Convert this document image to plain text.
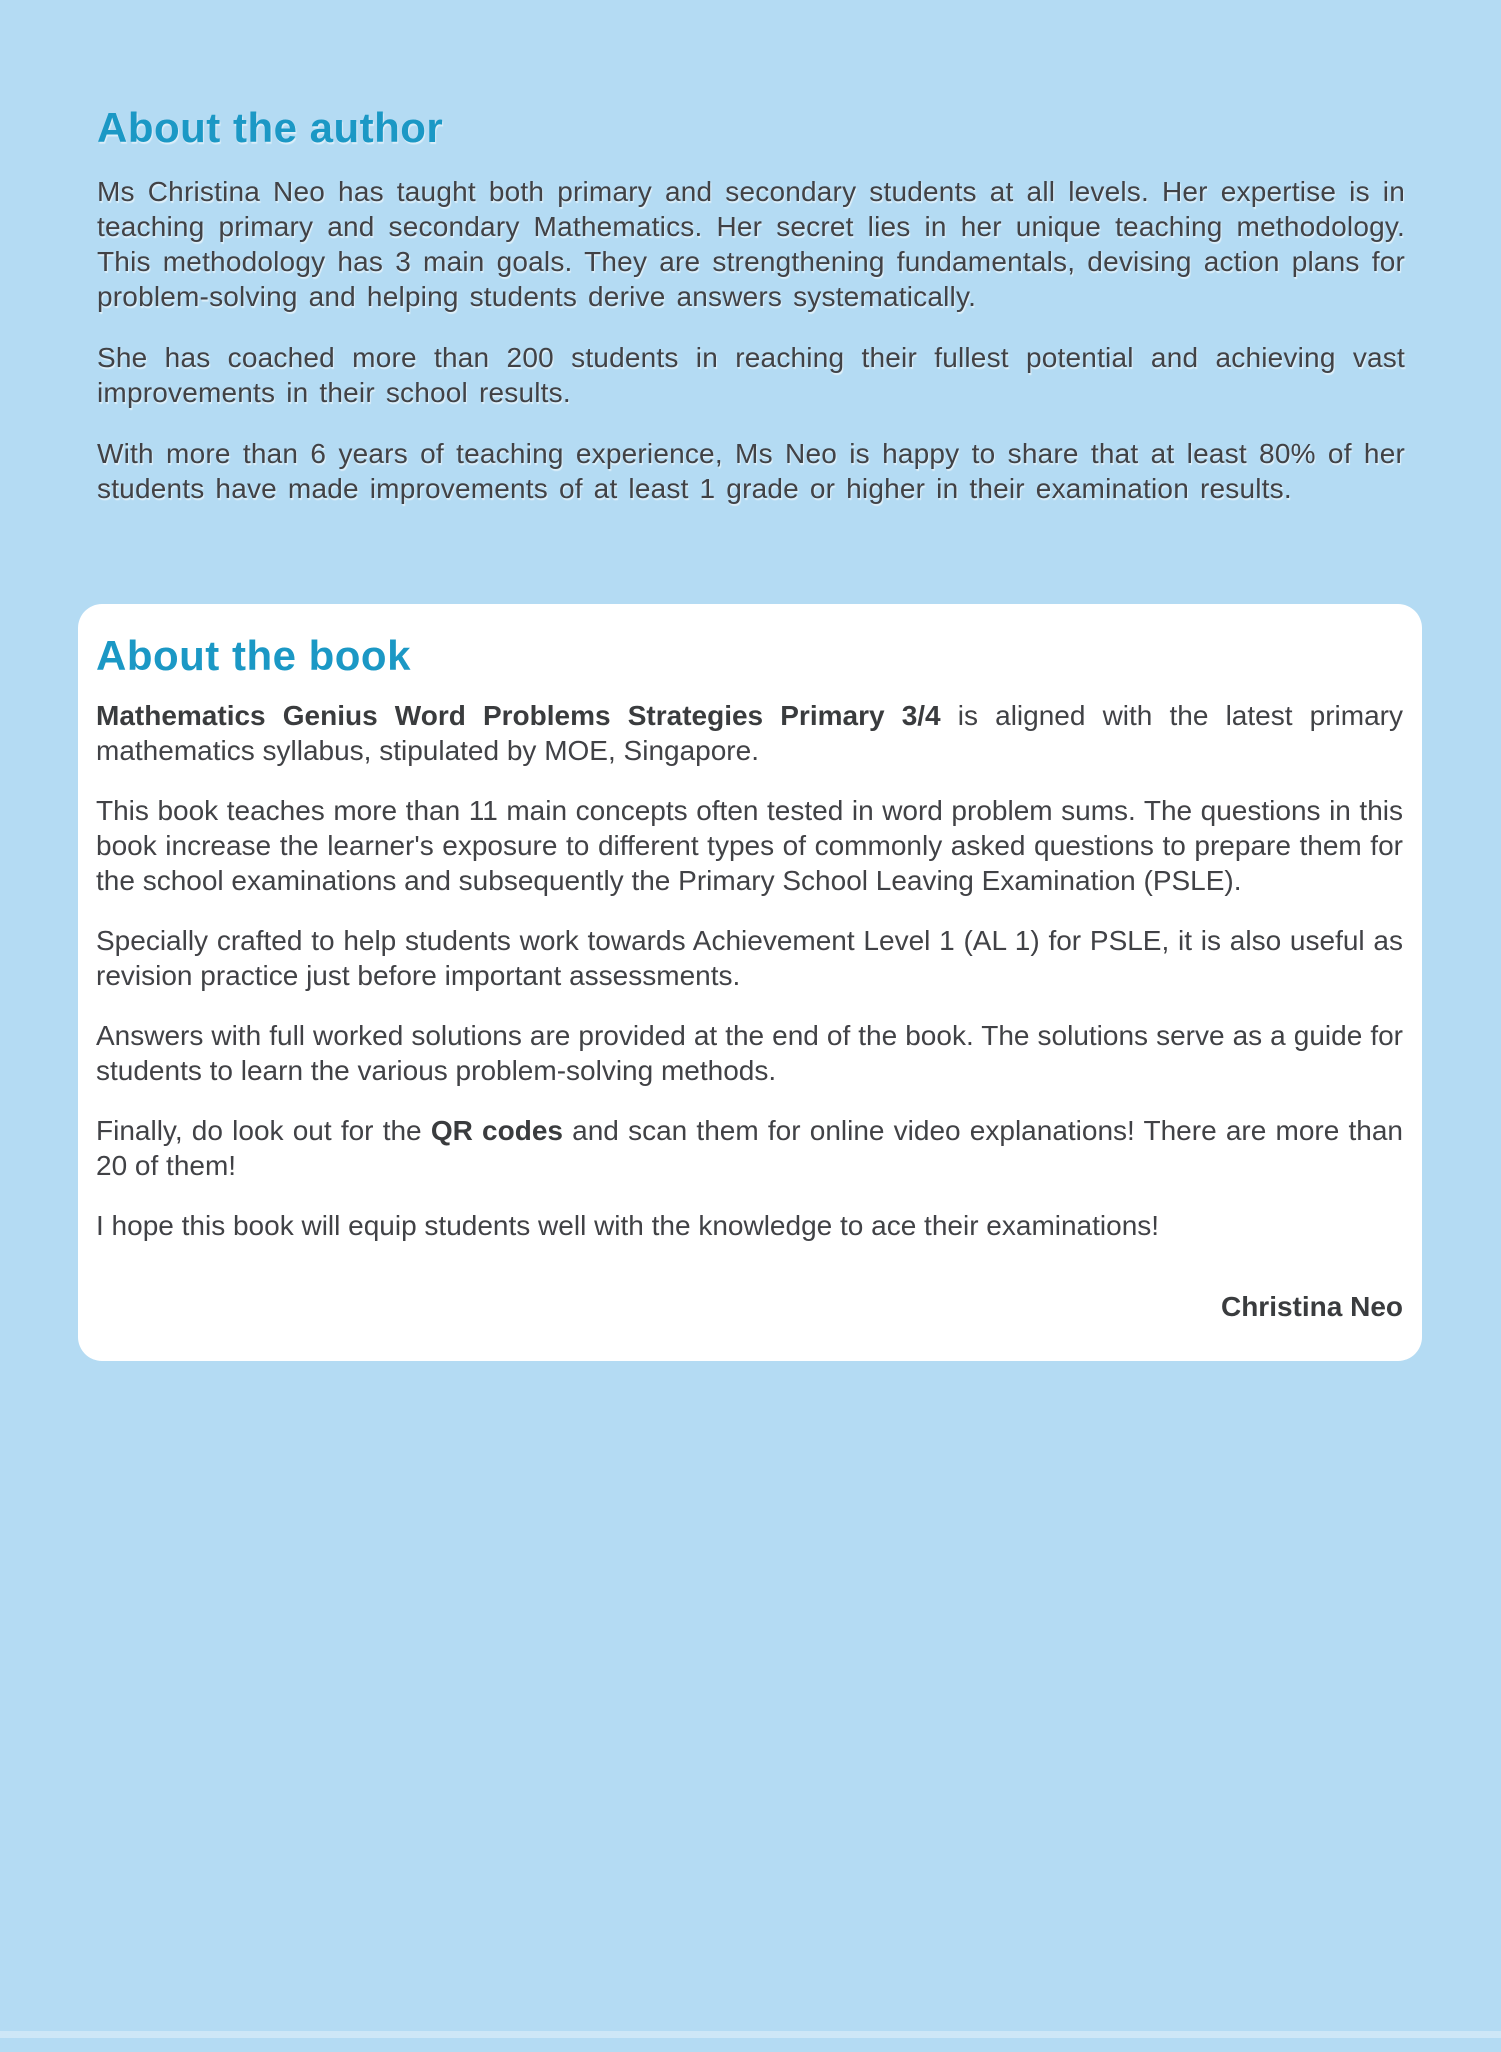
About the author

Ms Christina Neo has taught both primary and secondary students at all levels. Her expertise is in teaching primary and secondary Mathematics. Her secret lies in her unique teaching methodology. This methodology has 3 main goals. They are strengthening fundamentals, devising action plans for problem-solving and helping students derive answers systematically.

She has coached more than 200 students in reaching their fullest potential and achieving vast improvements in their school results.

With more than 6 years of teaching experience, Ms Neo is happy to share that at least 80% of her students have made improvements of at least 1 grade or higher in their examination results.

About the book

Mathematics Genius Word Problems Strategies Primary 3/4 is aligned with the latest primary mathematics syllabus, stipulated by MOE, Singapore.

This book teaches more than 11 main concepts often tested in word problem sums. The questions in this book increase the learner's exposure to different types of commonly asked questions to prepare them for the school examinations and subsequently the Primary School Leaving Examination (PSLE).

Specially crafted to help students work towards Achievement Level 1 (AL 1) for PSLE, it is also useful as revision practice just before important assessments.

Answers with full worked solutions are provided at the end of the book. The solutions serve as a guide for students to learn the various problem-solving methods.

Finally, do look out for the QR codes and scan them for online video explanations! There are more than 20 of them!

I hope this book will equip students well with the knowledge to ace their examinations!

Christina Neo
